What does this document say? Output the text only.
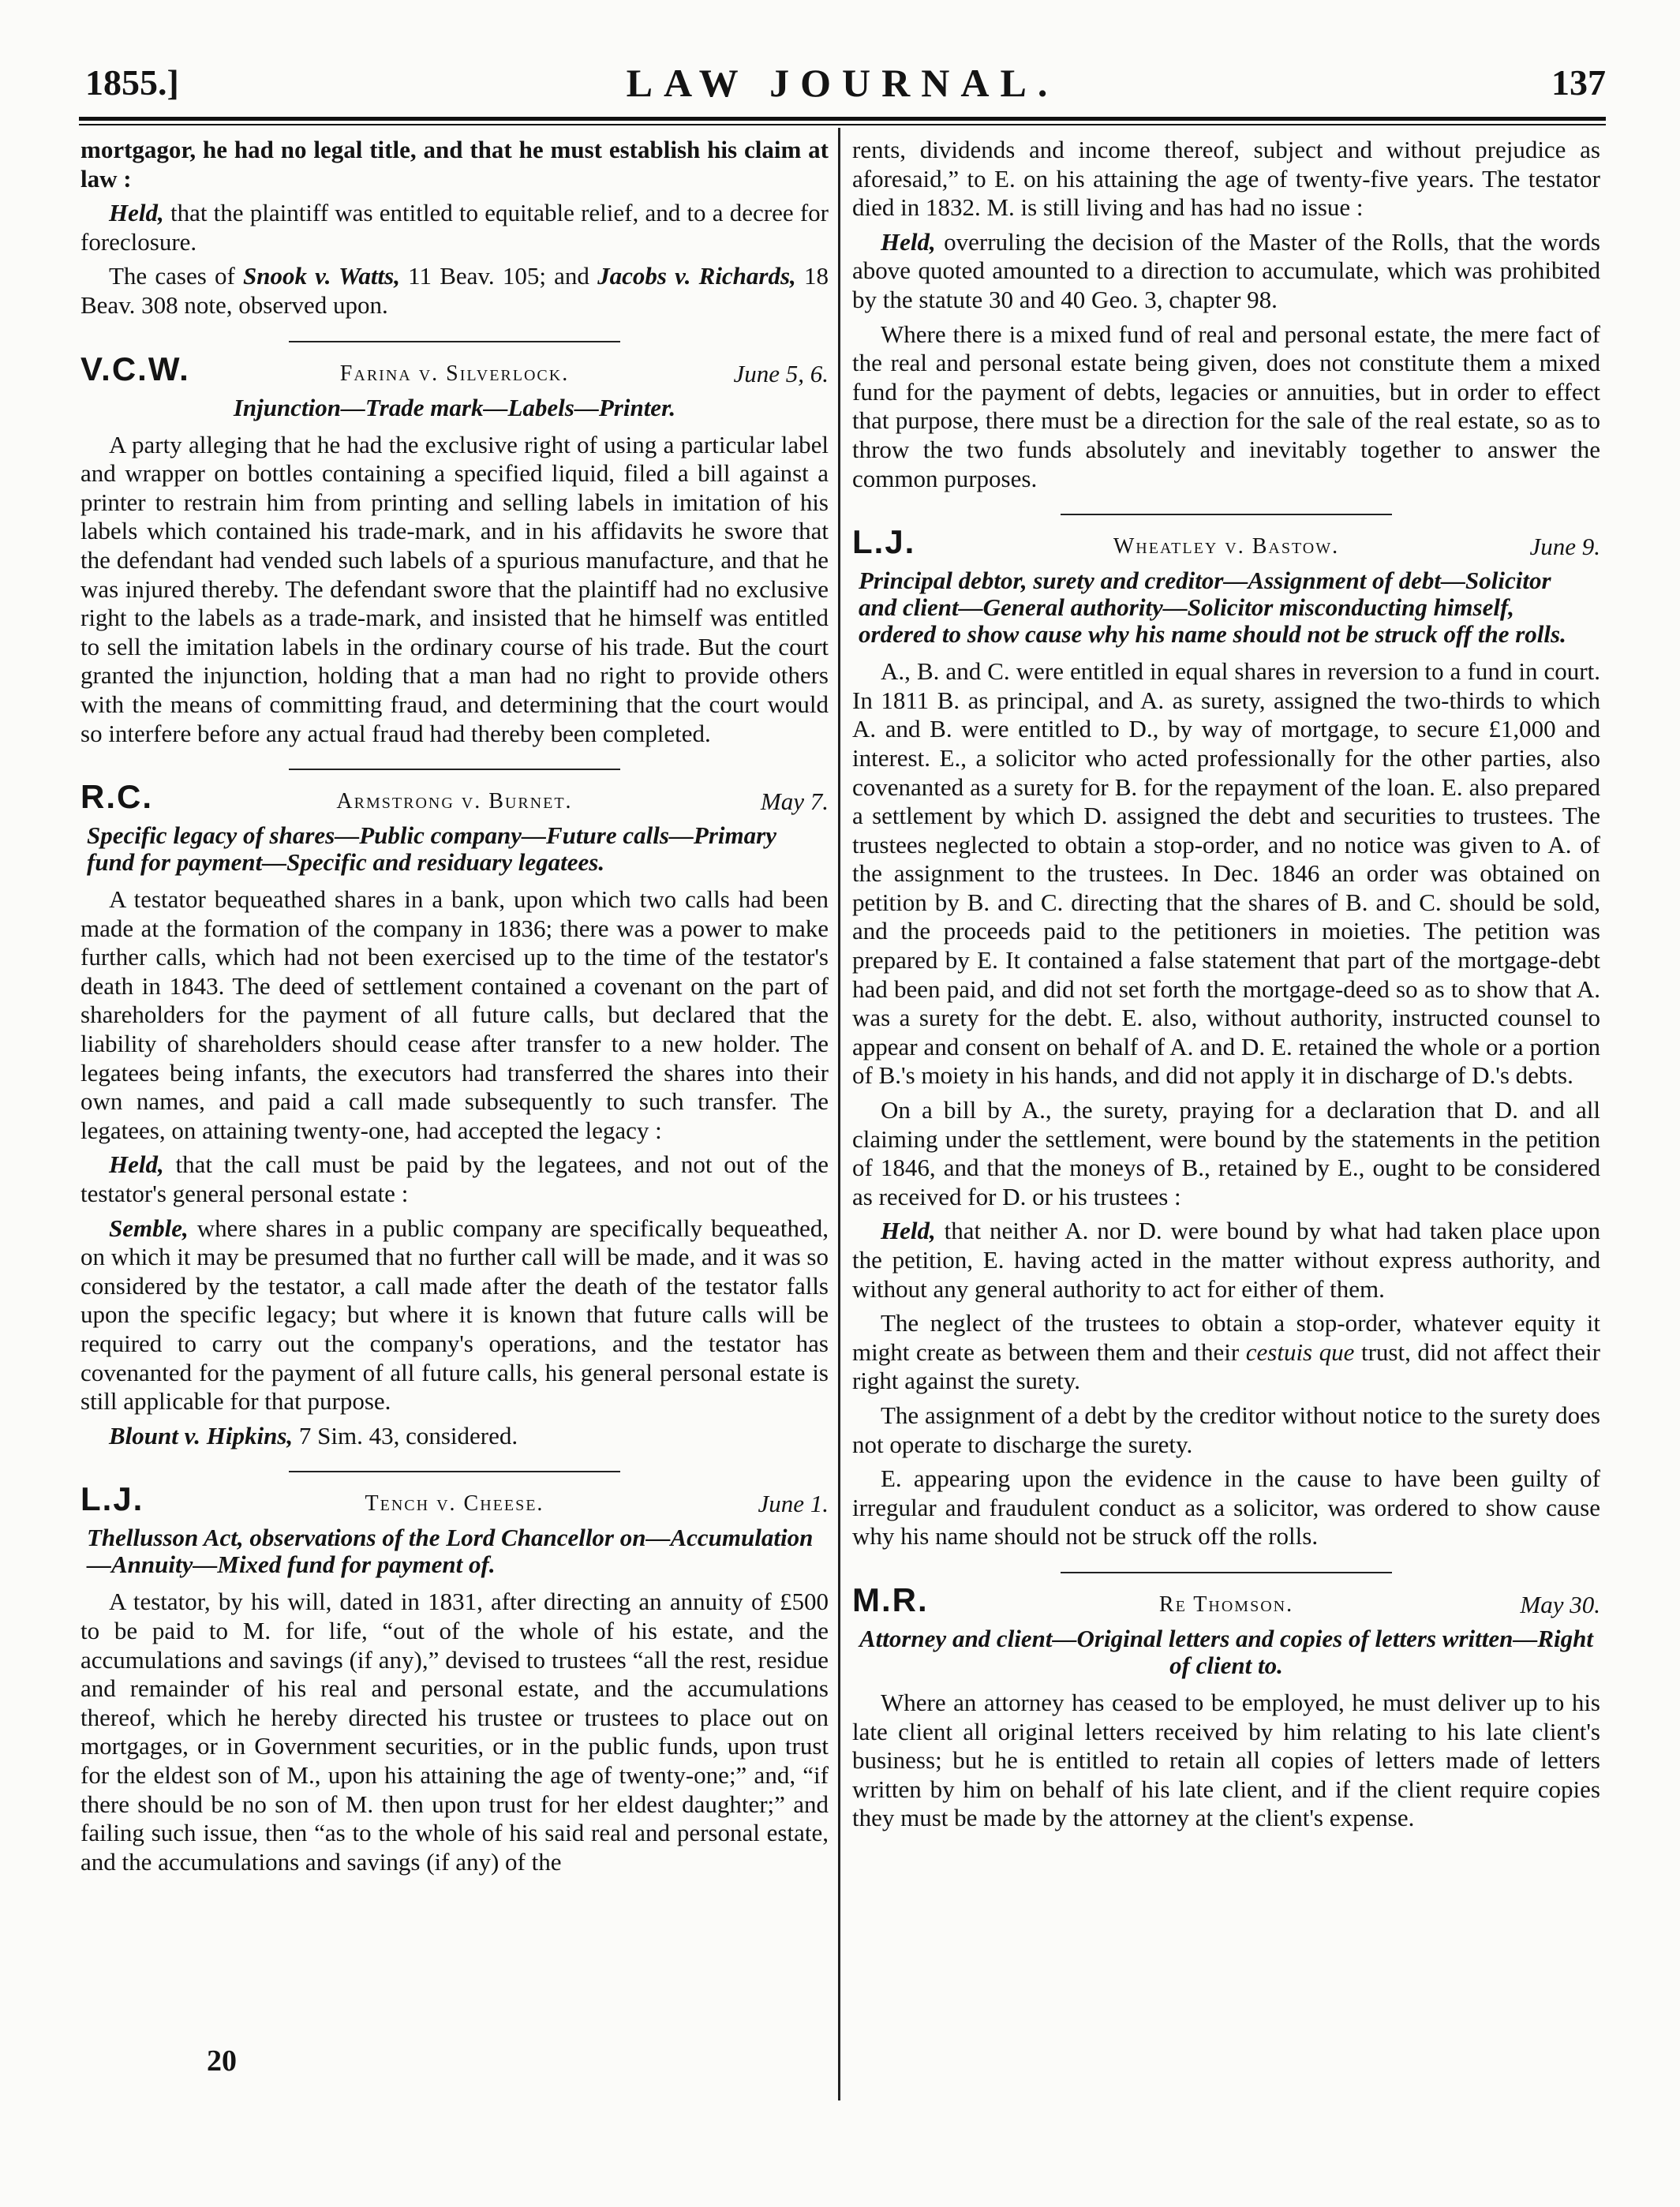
1855.]	LAW JOURNAL.	137

mortgagor, he had no legal title, and that he must establish his claim at law :

Held, that the plaintiff was entitled to equitable relief, and to a decree for foreclosure.

The cases of Snook v. Watts, 11 Beav. 105; and Jacobs v. Richards, 18 Beav. 308 note, observed upon.

V.C.W.	Farina v. Silverlock.	June 5, 6.
Injunction—Trade mark—Labels—Printer.

A party alleging that he had the exclusive right of using a particular label and wrapper on bottles containing a specified liquid, filed a bill against a printer to restrain him from printing and selling labels in imitation of his labels which contained his trade-mark, and in his affidavits he swore that the defendant had vended such labels of a spurious manufacture, and that he was injured thereby. The defendant swore that the plaintiff had no exclusive right to the labels as a trade-mark, and insisted that he himself was entitled to sell the imitation labels in the ordinary course of his trade. But the court granted the injunction, holding that a man had no right to provide others with the means of committing fraud, and determining that the court would so interfere before any actual fraud had thereby been completed.

R.C.	Armstrong v. Burnet.	May 7.
Specific legacy of shares—Public company—Future calls—Primary fund for payment—Specific and residuary legatees.

A testator bequeathed shares in a bank, upon which two calls had been made at the formation of the company in 1836; there was a power to make further calls, which had not been exercised up to the time of the testator's death in 1843. The deed of settlement contained a covenant on the part of shareholders for the payment of all future calls, but declared that the liability of shareholders should cease after transfer to a new holder. The legatees being infants, the executors had transferred the shares into their own names, and paid a call made subsequently to such transfer. The legatees, on attaining twenty-one, had accepted the legacy :

Held, that the call must be paid by the legatees, and not out of the testator's general personal estate :

Semble, where shares in a public company are specifically bequeathed, on which it may be presumed that no further call will be made, and it was so considered by the testator, a call made after the death of the testator falls upon the specific legacy; but where it is known that future calls will be required to carry out the company's operations, and the testator has covenanted for the payment of all future calls, his general personal estate is still applicable for that purpose.

Blount v. Hipkins, 7 Sim. 43, considered.

L.J.	Tench v. Cheese.	June 1.
Thellusson Act, observations of the Lord Chancellor on—Accumulation—Annuity—Mixed fund for payment of.

A testator, by his will, dated in 1831, after directing an annuity of £500 to be paid to M. for life, “out of the whole of his estate, and the accumulations and savings (if any),” devised to trustees “all the rest, residue and remainder of his real and personal estate, and the accumulations thereof, which he hereby directed his trustee or trustees to place out on mortgages, or in Government securities, or in the public funds, upon trust for the eldest son of M., upon his attaining the age of twenty-one;” and, “if there should be no son of M. then upon trust for her eldest daughter;” and failing such issue, then “as to the whole of his said real and personal estate, and the accumulations and savings (if any) of the

rents, dividends and income thereof, subject and without prejudice as aforesaid,” to E. on his attaining the age of twenty-five years. The testator died in 1832. M. is still living and has had no issue :

Held, overruling the decision of the Master of the Rolls, that the words above quoted amounted to a direction to accumulate, which was prohibited by the statute 30 and 40 Geo. 3, chapter 98.

Where there is a mixed fund of real and personal estate, the mere fact of the real and personal estate being given, does not constitute them a mixed fund for the payment of debts, legacies or annuities, but in order to effect that purpose, there must be a direction for the sale of the real estate, so as to throw the two funds absolutely and inevitably together to answer the common purposes.

L.J.	Wheatley v. Bastow.	June 9.
Principal debtor, surety and creditor—Assignment of debt—Solicitor and client—General authority—Solicitor misconducting himself, ordered to show cause why his name should not be struck off the rolls.

A., B. and C. were entitled in equal shares in reversion to a fund in court. In 1811 B. as principal, and A. as surety, assigned the two-thirds to which A. and B. were entitled to D., by way of mortgage, to secure £1,000 and interest. E., a solicitor who acted professionally for the other parties, also covenanted as a surety for B. for the repayment of the loan. E. also prepared a settlement by which D. assigned the debt and securities to trustees. The trustees neglected to obtain a stop-order, and no notice was given to A. of the assignment to the trustees. In Dec. 1846 an order was obtained on petition by B. and C. directing that the shares of B. and C. should be sold, and the proceeds paid to the petitioners in moieties. The petition was prepared by E. It contained a false statement that part of the mortgage-debt had been paid, and did not set forth the mortgage-deed so as to show that A. was a surety for the debt. E. also, without authority, instructed counsel to appear and consent on behalf of A. and D. E. retained the whole or a portion of B.'s moiety in his hands, and did not apply it in discharge of D.'s debts.

On a bill by A., the surety, praying for a declaration that D. and all claiming under the settlement, were bound by the statements in the petition of 1846, and that the moneys of B., retained by E., ought to be considered as received for D. or his trustees :

Held, that neither A. nor D. were bound by what had taken place upon the petition, E. having acted in the matter without express authority, and without any general authority to act for either of them.

The neglect of the trustees to obtain a stop-order, whatever equity it might create as between them and their cestuis que trust, did not affect their right against the surety.

The assignment of a debt by the creditor without notice to the surety does not operate to discharge the surety.

E. appearing upon the evidence in the cause to have been guilty of irregular and fraudulent conduct as a solicitor, was ordered to show cause why his name should not be struck off the rolls.

M.R.	Re Thomson.	May 30.
Attorney and client—Original letters and copies of letters written—Right of client to.

Where an attorney has ceased to be employed, he must deliver up to his late client all original letters received by him relating to his late client's business; but he is entitled to retain all copies of letters made of letters written by him on behalf of his late client, and if the client require copies they must be made by the attorney at the client's expense.

20
